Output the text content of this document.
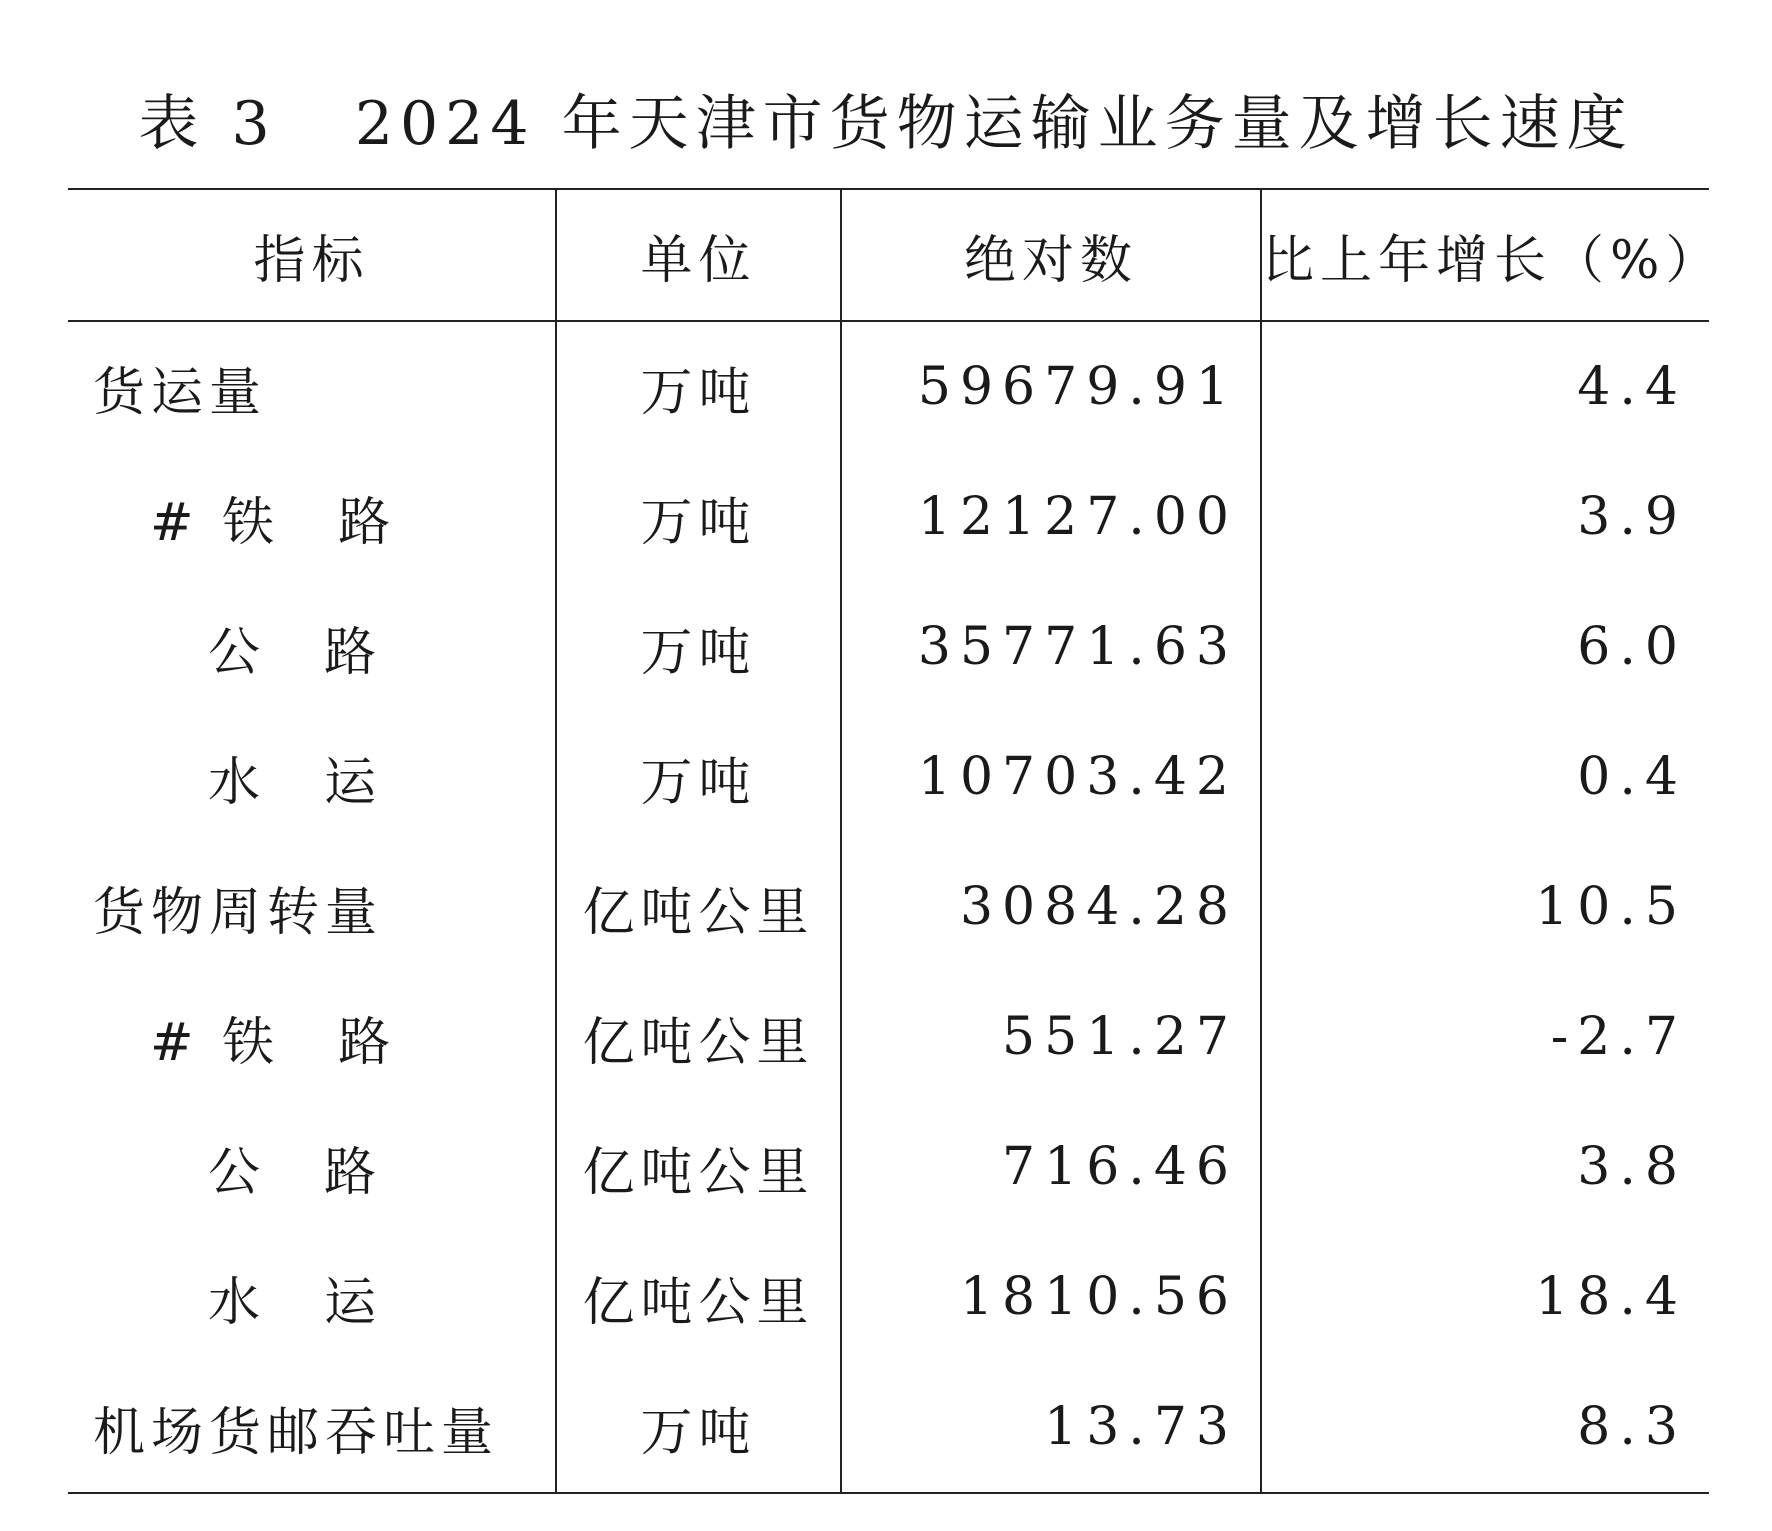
表 3   2024 年天津市货物运输业务量及增长速度
指标	单位	绝对数	比上年增长（%）
货运量	万吨	59679.91	4.4
# 铁　路	万吨	12127.00	3.9
公　路	万吨	35771.63	6.0
水　运	万吨	10703.42	0.4
货物周转量	亿吨公里	3084.28	10.5
# 铁　路	亿吨公里	551.27	-2.7
公　路	亿吨公里	716.46	3.8
水　运	亿吨公里	1810.56	18.4
机场货邮吞吐量	万吨	13.73	8.3
